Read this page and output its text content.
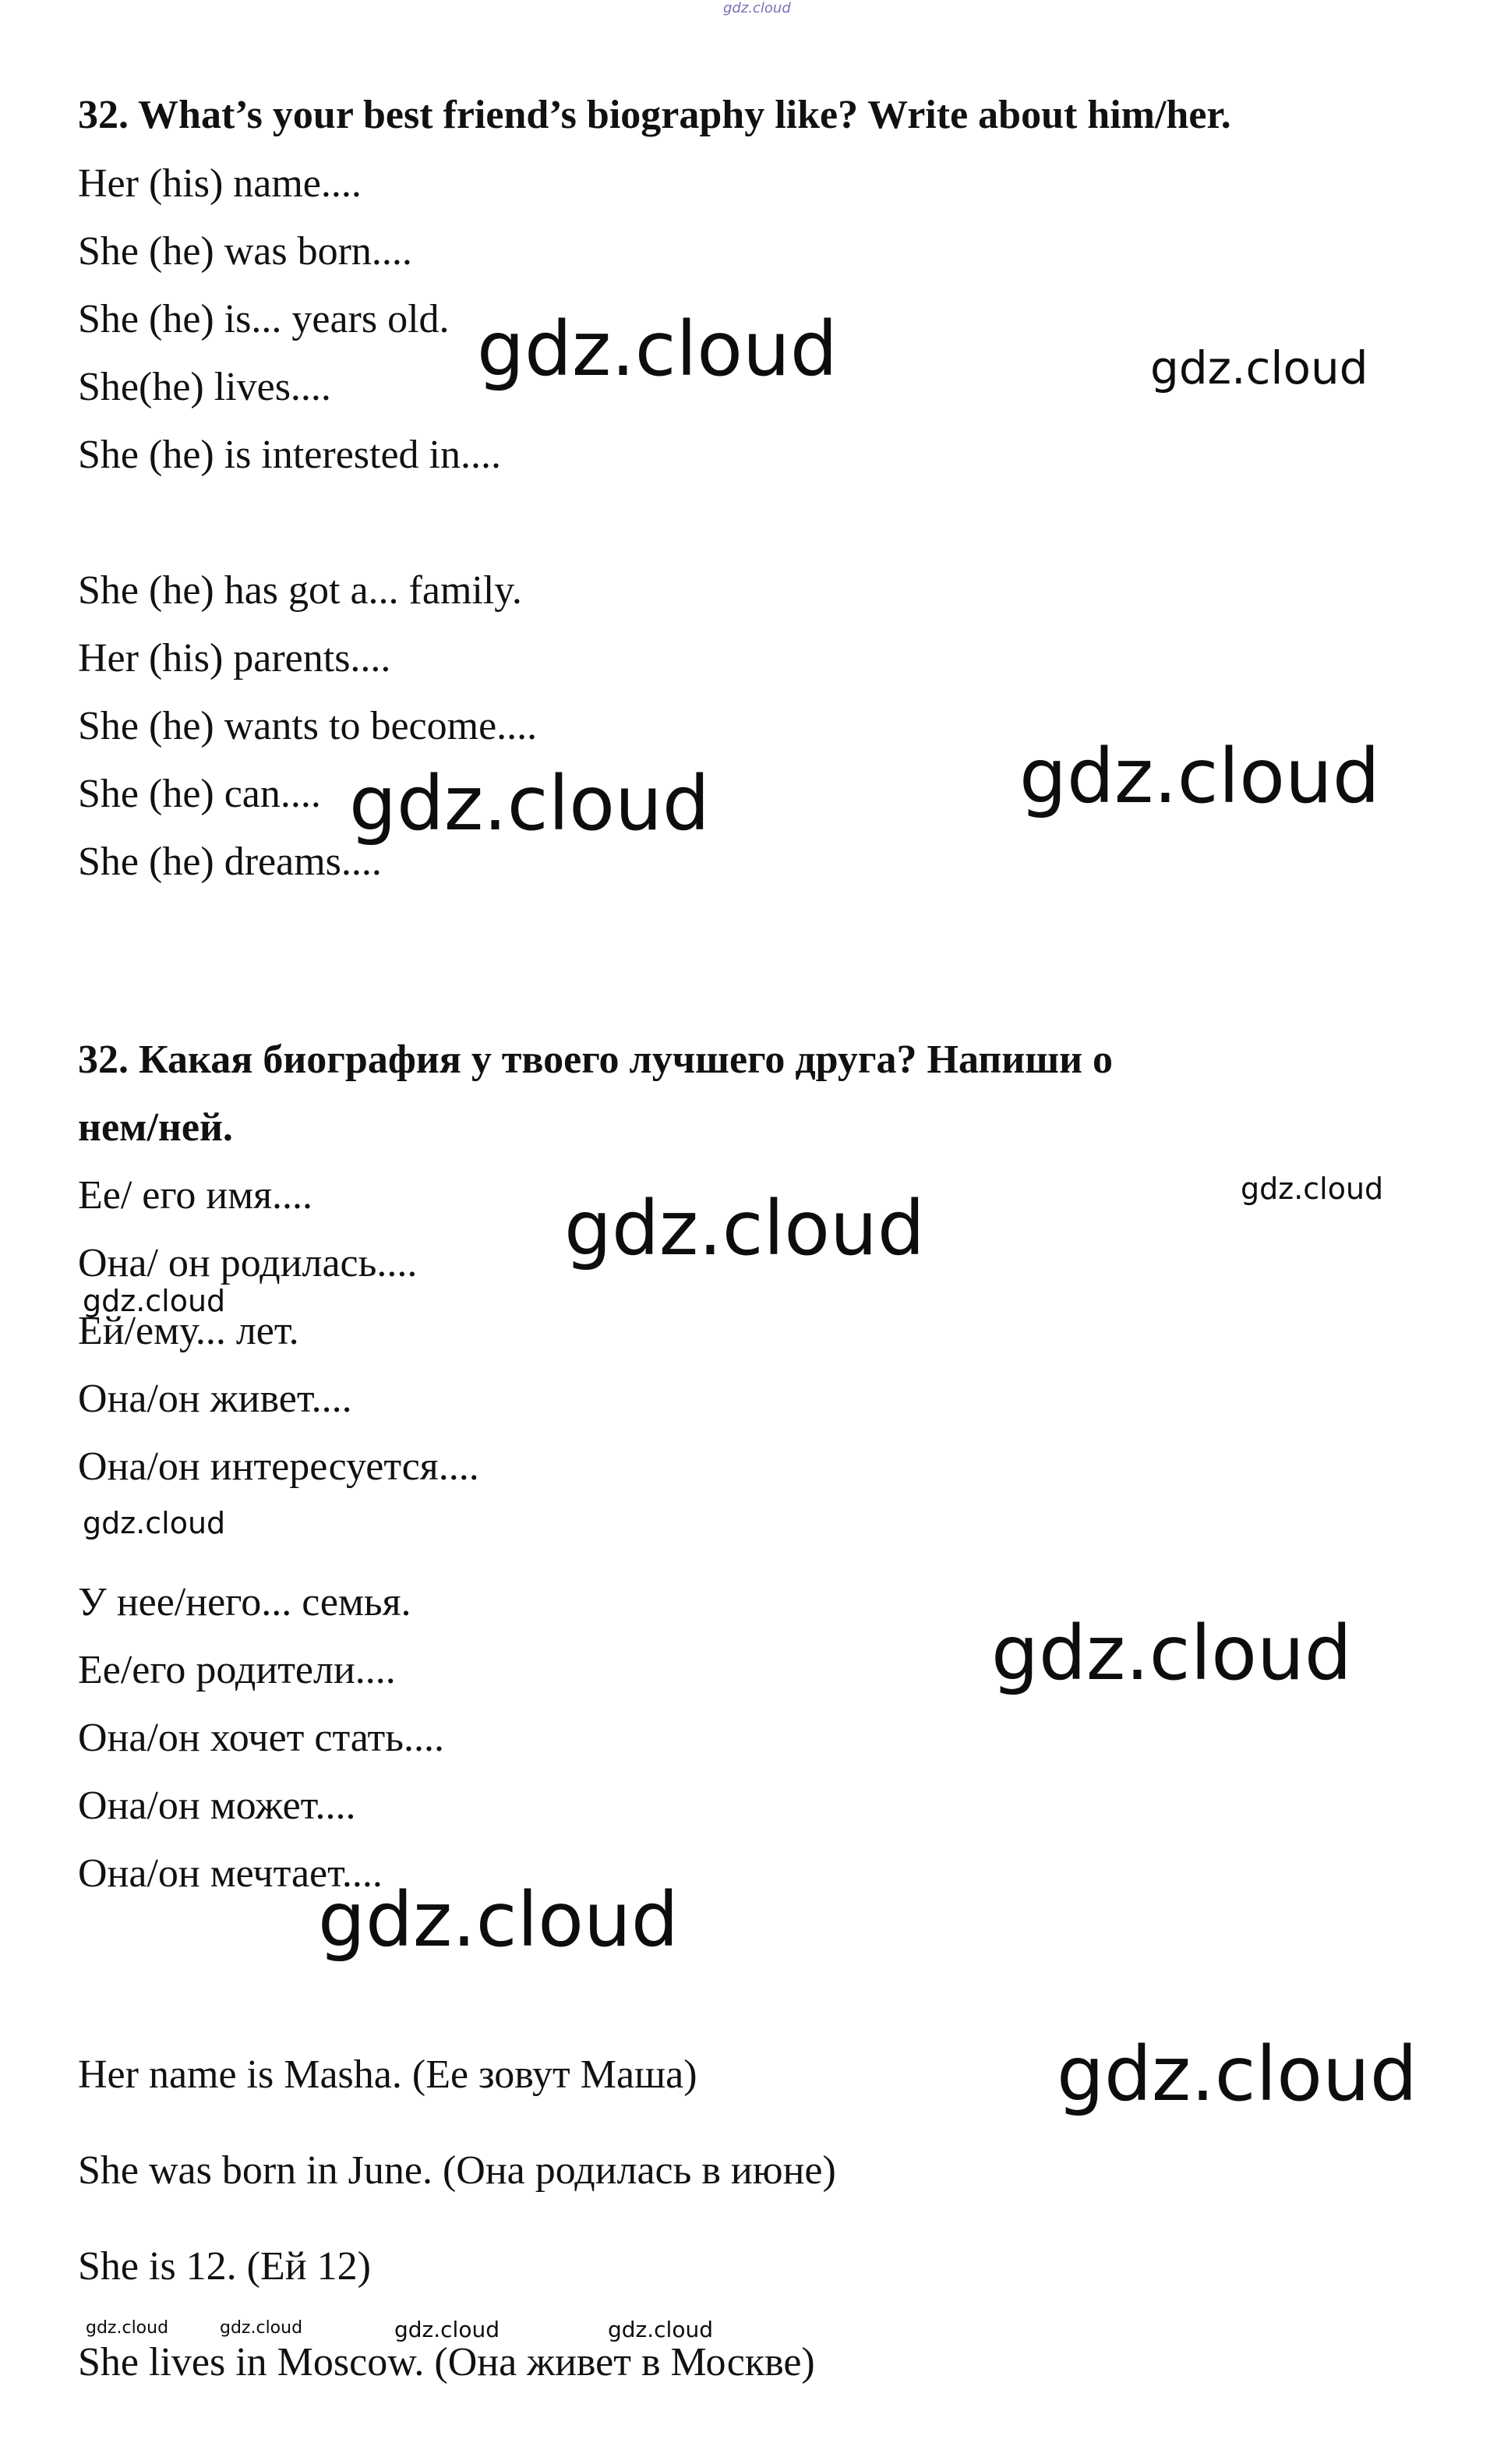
gdz.cloud
32. What’s your best friend’s biography like? Write about him/her.
Her (his) name....
She (he) was born....
She (he) is... years old.
She(he) lives....
She (he) is interested in....
She (he) has got a... family.
Her (his) parents....
She (he) wants to become....
She (he) can....
She (he) dreams....
32. Какая биография у твоего лучшего друга? Напиши о
нем/ней.
Ее/ его имя....
Она/ он родилась....
Ей/ему... лет.
Она/он живет....
Она/он интересуется....
У нее/него... семья.
Ее/его родители....
Она/он хочет стать....
Она/он может....
Она/он мечтает....
Her name is Masha. (Ее зовут Маша)
She was born in June. (Она родилась в июне)
She is 12. (Ей 12)
She lives in Moscow. (Она живет в Москве)
gdz.cloud	gdz.cloud
gdz.cloud
gdz.cloud
gdz.cloud
gdz.cloud
gdz.cloud
gdz.cloud
gdz.cloud
gdz.cloud
gdz.cloud
gdz.cloud	gdz.cloud	gdz.cloud	gdz.cloud
